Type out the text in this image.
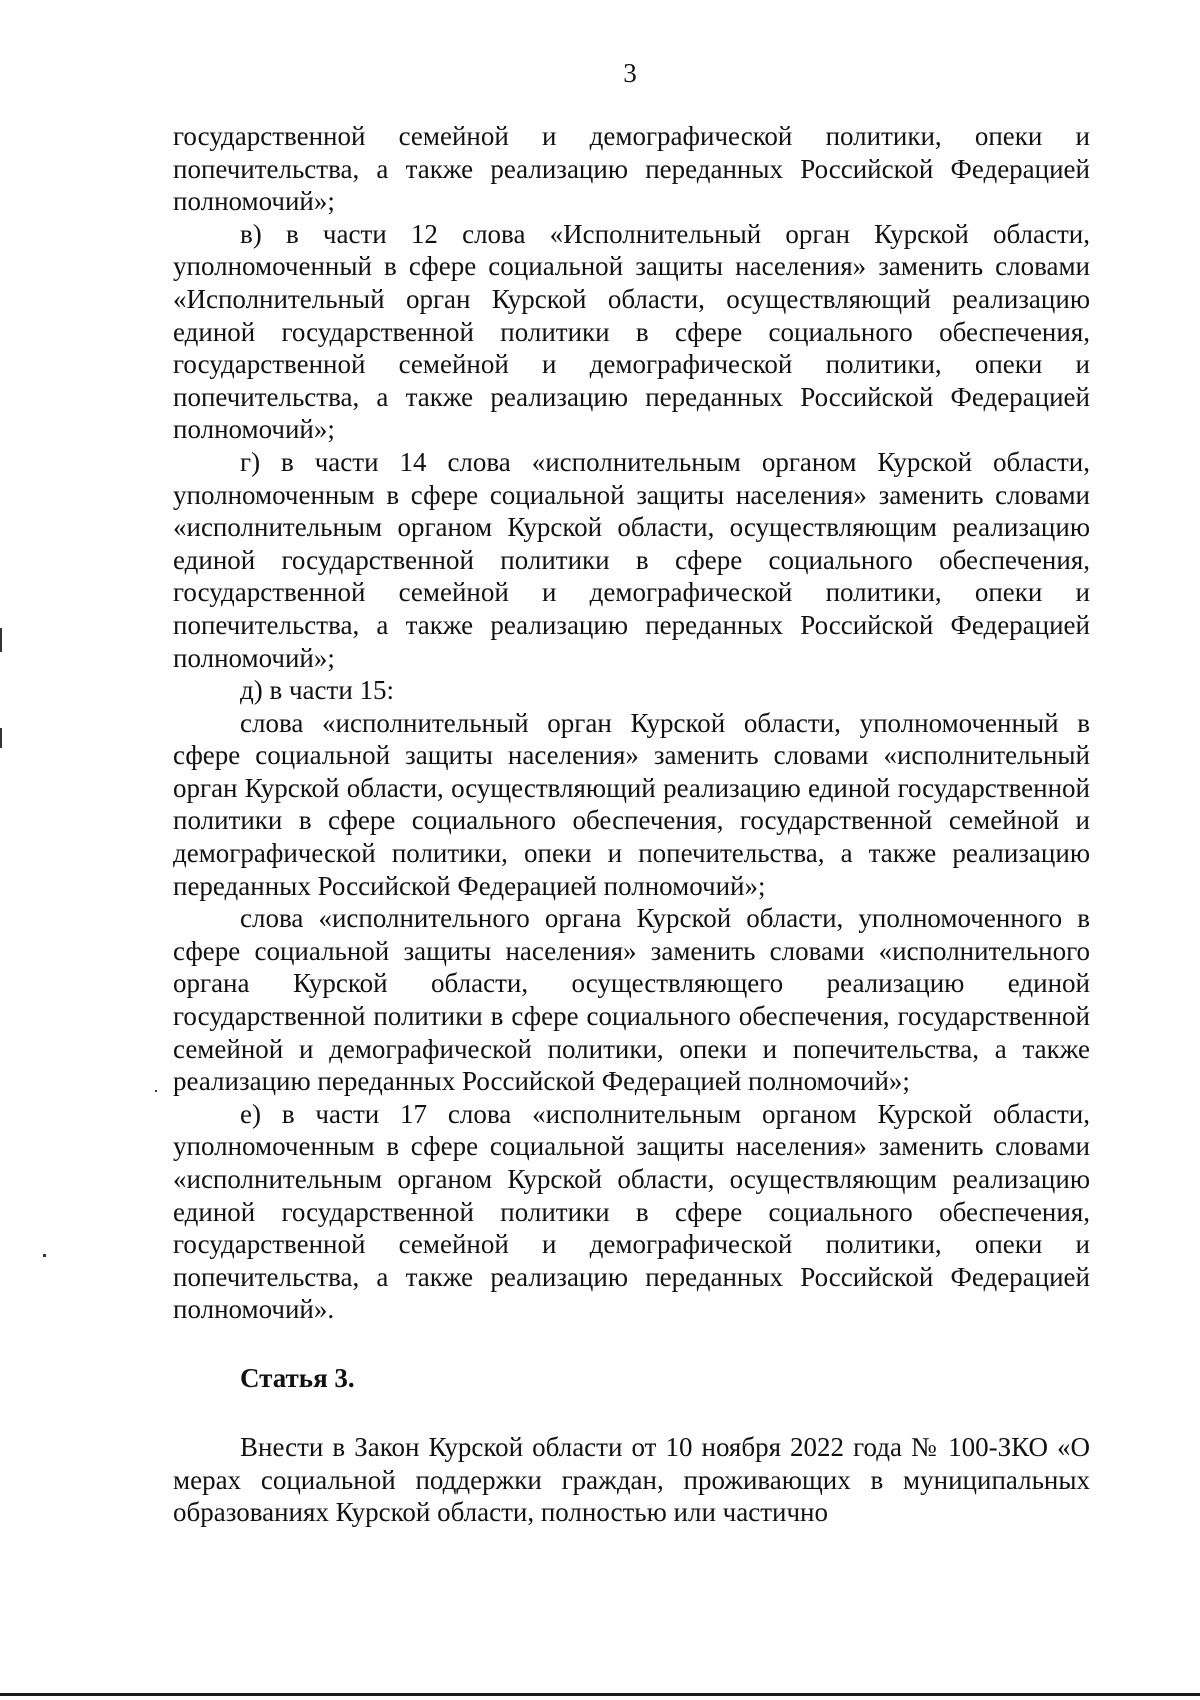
3

государственной семейной и демографической политики, опеки и попечительства, а также реализацию переданных Российской Федерацией полномочий»;

в) в части 12 слова «Исполнительный орган Курской области, уполномоченный в сфере социальной защиты населения» заменить словами «Исполнительный орган Курской области, осуществляющий реализацию единой государственной политики в сфере социального обеспечения, государственной семейной и демографической политики, опеки и попечительства, а также реализацию переданных Российской Федерацией полномочий»;

г) в части 14 слова «исполнительным органом Курской области, уполномоченным в сфере социальной защиты населения» заменить словами «исполнительным органом Курской области, осуществляющим реализацию единой государственной политики в сфере социального обеспечения, государственной семейной и демографической политики, опеки и попечительства, а также реализацию переданных Российской Федерацией полномочий»;

д) в части 15:

слова «исполнительный орган Курской области, уполномоченный в сфере социальной защиты населения» заменить словами «исполнительный орган Курской области, осуществляющий реализацию единой государственной политики в сфере социального обеспечения, государственной семейной и демографической политики, опеки и попечительства, а также реализацию переданных Российской Федерацией полномочий»;

слова «исполнительного органа Курской области, уполномоченного в сфере социальной защиты населения» заменить словами «исполнительного органа Курской области, осуществляющего реализацию единой государственной политики в сфере социального обеспечения, государственной семейной и демографической политики, опеки и попечительства, а также реализацию переданных Российской Федерацией полномочий»;

е) в части 17 слова «исполнительным органом Курской области, уполномоченным в сфере социальной защиты населения» заменить словами «исполнительным органом Курской области, осуществляющим реализацию единой государственной политики в сфере социального обеспечения, государственной семейной и демографической политики, опеки и попечительства, а также реализацию переданных Российской Федерацией полномочий».

Статья 3.

Внести в Закон Курской области от 10 ноября 2022 года № 100-ЗКО «О мерах социальной поддержки граждан, проживающих в муниципальных образованиях Курской области, полностью или частично
